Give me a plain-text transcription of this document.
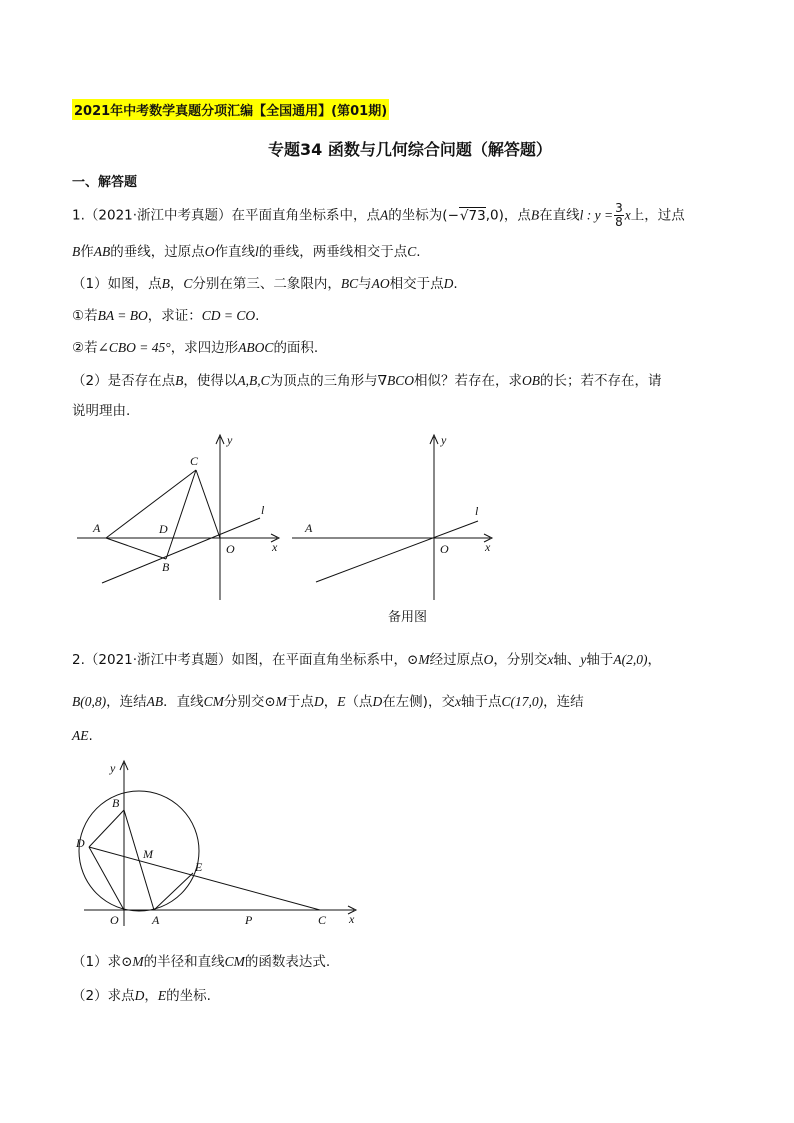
2021年中考数学真题分项汇编【全国通用】(第01期)
专题34 函数与几何综合问题（解答题）
一、解答题
1.（2021·浙江中考真题）在平面直角坐标系中，点A的坐标为(−√73,0)，点B在直线l : $y = \frac{3}{8}$ x上，过点
B作AB的垂线，过原点O作直线l的垂线，两垂线相交于点C.
（1）如图，点B，C分别在第三、二象限内，BC与AO相交于点D.
①若BA = BO，求证：CD = CO.
②若∠CBO = 45°，求四边形ABOC的面积.
（2）是否存在点B，使得以A,B,C为顶点的三角形与∇BCO相似？若存在，求OB的长；若不存在，请
说明理由.
y
x
O
A
B
C
D
l
y
x
O
A
l
备用图
2.（2021·浙江中考真题）如图，在平面直角坐标系中，⊙M经过原点O，分别交x轴、y轴于A(2,0)，
B(0,8)，连结AB．直线CM分别交⊙M于点D，E（点D在左侧)，交x轴于点C(17,0)，连结
AE.
y
x
O	A
B
C
D
E
M
P
（1）求⊙M的半径和直线CM的函数表达式.
（2）求点D，E的坐标.
